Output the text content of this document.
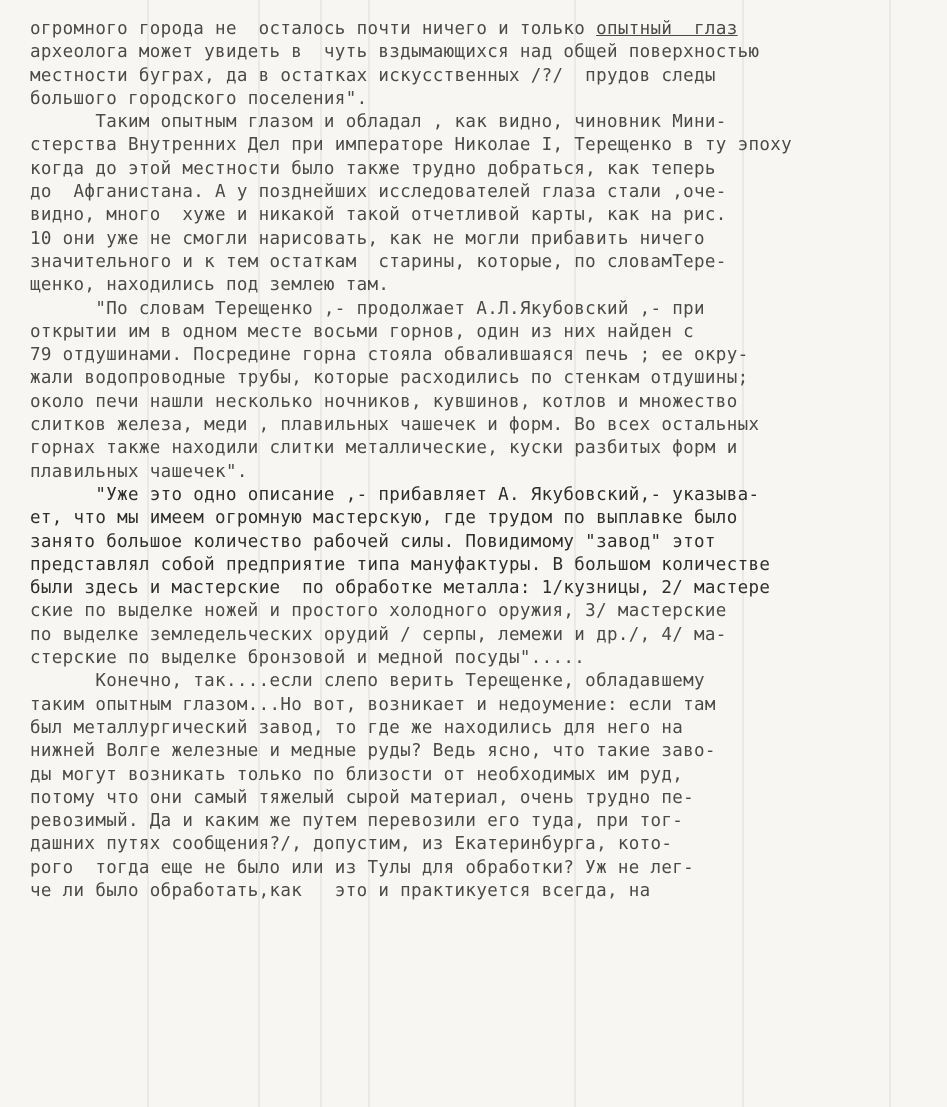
огромного города не  осталось почти ничего и только опытный  глаз
археолога может увидеть в  чуть вздымающихся над общей поверхностью
местности буграх, да в остатках искусственных /?/  прудов следы
большого городского поселения".
Таким опытным глазом и обладал , как видно, чиновник Мини-
стерства Внутренних Дел при императоре Николае I, Терещенко в ту эпоху
когда до этой местности было также трудно добраться, как теперь
до  Афганистана. А у позднейших исследователей глаза стали ,оче-
видно, много  хуже и никакой такой отчетливой карты, как на рис.
10 они уже не смогли нарисовать, как не могли прибавить ничего
значительного и к тем остаткам  старины, которые, по словамТере-
щенко, находились под землею там.
"По словам Терещенко ,- продолжает А.Л.Якубовский ,- при
открытии им в одном месте восьми горнов, один из них найден с
79 отдушинами. Посредине горна стояла обвалившаяся печь ; ее окру-
жали водопроводные трубы, которые расходились по стенкам отдушины;
около печи нашли несколько ночников, кувшинов, котлов и множество
слитков железа, меди , плавильных чашечек и форм. Во всех остальных
горнах также находили слитки металлические, куски разбитых форм и
плавильных чашечек".
"Уже это одно описание ,- прибавляет А. Якубовский,- указыва-
ет, что мы имеем огромную мастерскую, где трудом по выплавке было
занято большое количество рабочей силы. Повидимому "завод" этот
представлял собой предприятие типа мануфактуры. В большом количестве
были здесь и мастерские  по обработке металла: 1/кузницы, 2/ мастере
ские по выделке ножей и простого холодного оружия, 3/ мастерские
по выделке земледельческих орудий / серпы, лемежи и др./, 4/ ма-
стерские по выделке бронзовой и медной посуды".....
Конечно, так....если слепо верить Терещенке, обладавшему
таким опытным глазом...Но вот, возникает и недоумение: если там
был металлургический завод, то где же находились для него на
нижней Волге железные и медные руды? Ведь ясно, что такие заво-
ды могут возникать только по близости от необходимых им руд,
потому что они самый тяжелый сырой материал, очень трудно пе-
ревозимый. Да и каким же путем перевозили его туда, при тог-
дашних путях сообщения?/, допустим, из Екатеринбурга, кото-
рого  тогда еще не было или из Тулы для обработки? Уж не лег-
че ли было обработать,как   это и практикуется всегда, на
